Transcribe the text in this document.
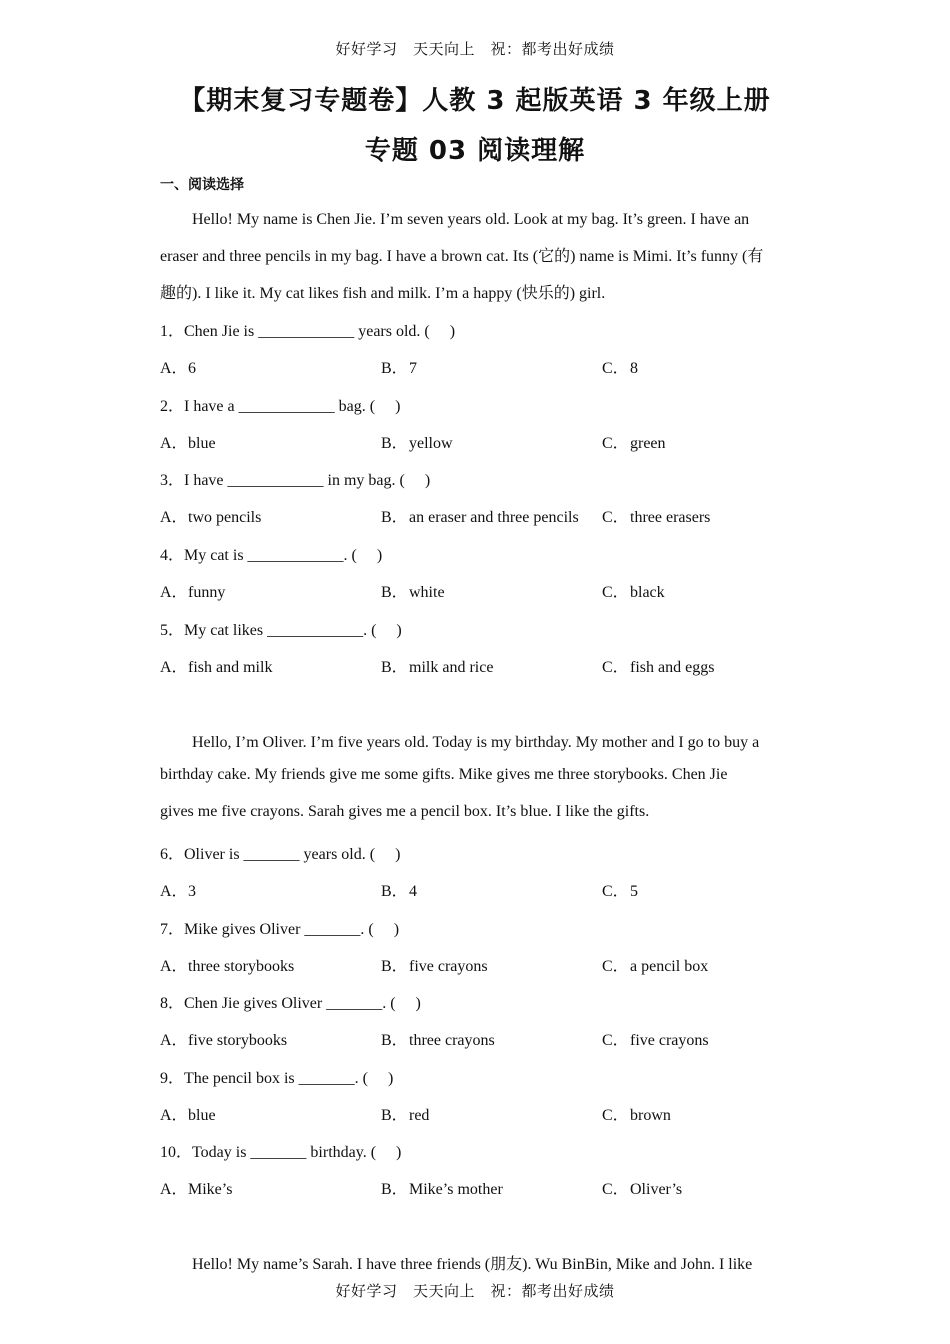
好好学习　天天向上　祝：都考出好成绩
【期末复习专题卷】人教 3 起版英语 3 年级上册
专题 03 阅读理解
一、阅读选择
　　Hello! My name is Chen Jie. I’m seven years old. Look at my bag. It’s green. I have an
eraser and three pencils in my bag. I have a brown cat. Its (它的) name is Mimi. It’s funny (有
趣的). I like it. My cat likes fish and milk. I’m a happy (快乐的) girl.
1．Chen Jie is ____________ years old. (　 )
A．6	B．7	C．8
2．I have a ____________ bag. (　 )
A．blue	B．yellow	C．green
3．I have ____________ in my bag. (　 )
A．two pencils	B．an eraser and three pencils C．three erasers
4．My cat is ____________. (　 )
A．funny	B．white	C．black
5．My cat likes ____________. (　 )
A．fish and milk	B．milk and rice	C．fish and eggs
　　Hello, I’m Oliver. I’m five years old. Today is my birthday. My mother and I go to buy a
birthday cake. My friends give me some gifts. Mike gives me three storybooks. Chen Jie
gives me five crayons. Sarah gives me a pencil box. It’s blue. I like the gifts.
6．Oliver is _______ years old. (　 )
A．3	B．4	C．5
7．Mike gives Oliver _______. (　 )
A．three storybooks	B．five crayons	C．a pencil box
8．Chen Jie gives Oliver _______. (　 )
A．five storybooks	B．three crayons	C．five crayons
9．The pencil box is _______. (　 )
A．blue	B．red	C．brown
10．Today is _______ birthday. (　 )
A．Mike’s	B．Mike’s mother	C．Oliver’s
　　Hello! My name’s Sarah. I have three friends (朋友). Wu BinBin, Mike and John. I like
好好学习　天天向上　祝：都考出好成绩
